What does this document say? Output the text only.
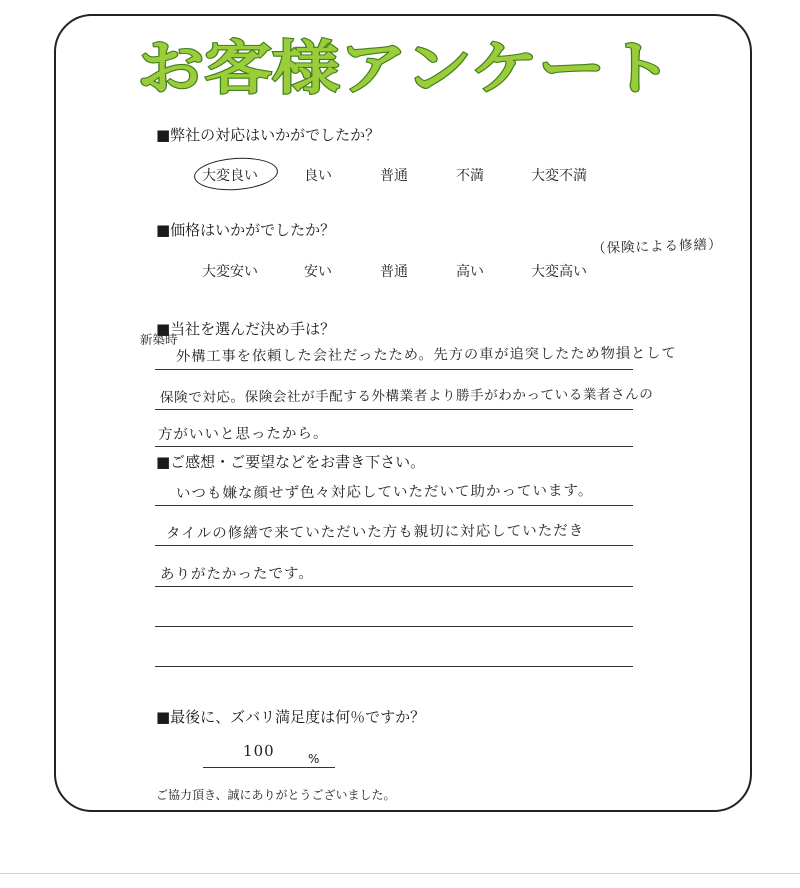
お客様アンケート
■弊社の対応はいかがでしたか？
大変良い	良い	普通	不満	大変不満
■価格はいかがでしたか？
大変安い	安い	普通	高い	大変高い
（保険による修繕）
■当社を選んだ決め手は？
新築時
外構工事を依頼した会社だったため。先方の車が追突したため物損として
保険で対応。保険会社が手配する外構業者より勝手がわかっている業者さんの
方がいいと思ったから。
■ご感想・ご要望などをお書き下さい。
いつも嫌な顔せず色々対応していただいて助かっています。
タイルの修繕で来ていただいた方も親切に対応していただき
ありがたかったです。
■最後に、ズバリ満足度は何％ですか？
100	%
ご協力頂き、誠にありがとうございました。
